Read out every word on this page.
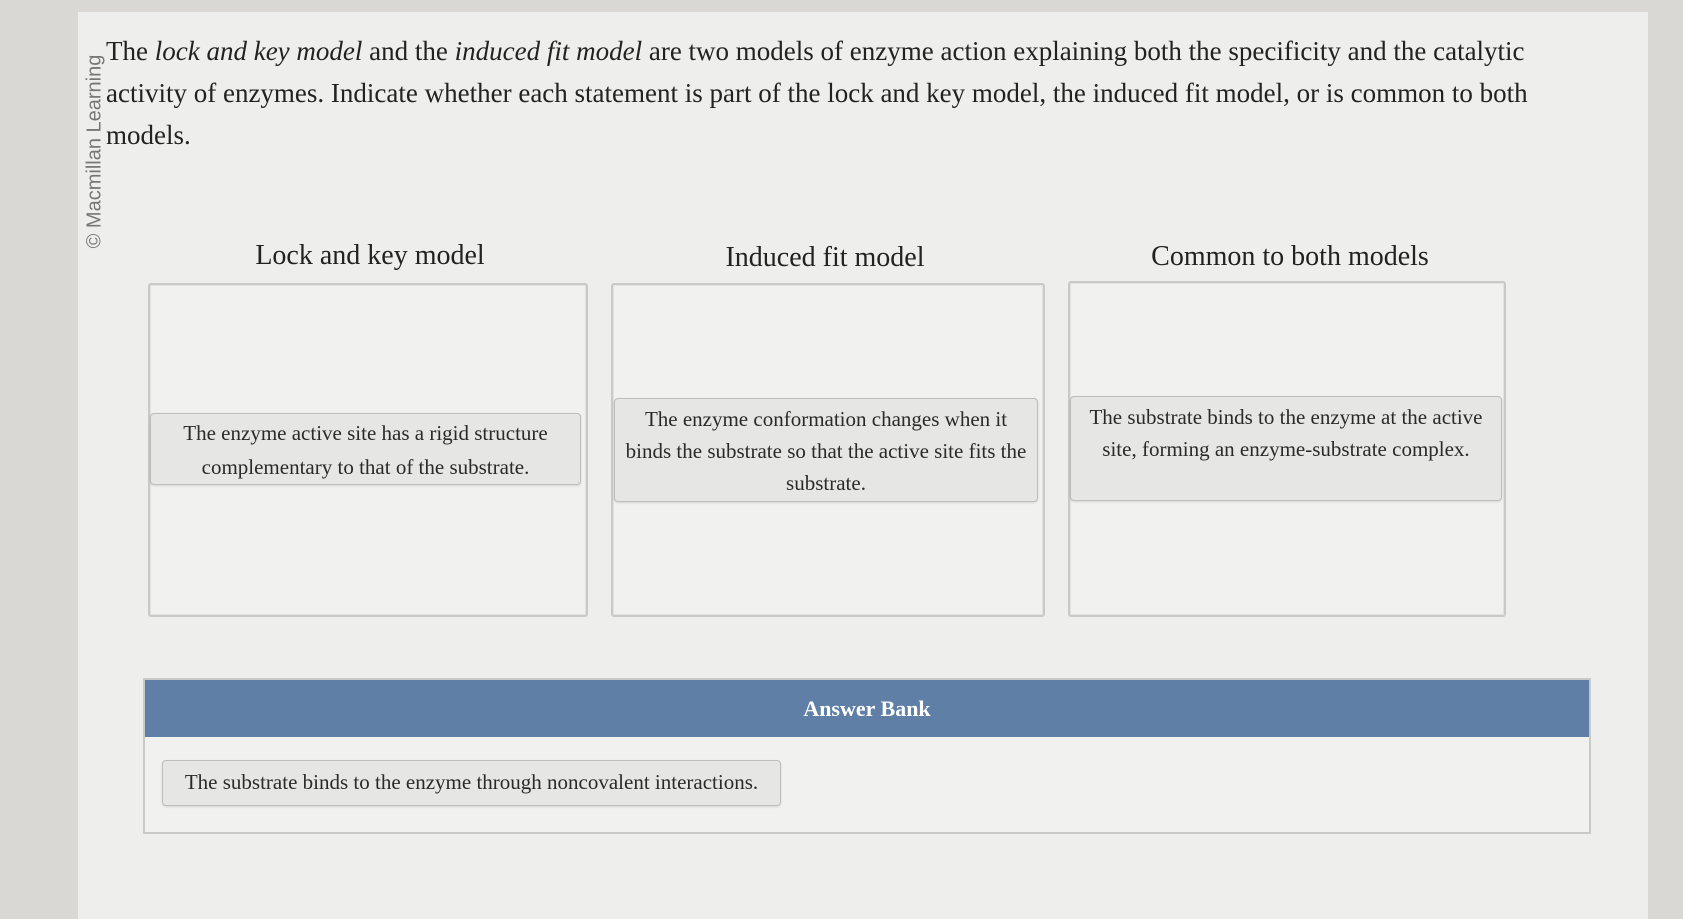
© Macmillan Learning
The lock and key model and the induced fit model are two models of enzyme action explaining both the specificity and the catalytic activity of enzymes. Indicate whether each statement is part of the lock and key model, the induced fit model, or is common to both models.
Lock and key model
The enzyme active site has a rigid structure complementary to that of the substrate.
Induced fit model
The enzyme conformation changes when it binds the substrate so that the active site fits the substrate.
Common to both models
The substrate binds to the enzyme at the active site, forming an enzyme-substrate complex.
Answer Bank
The substrate binds to the enzyme through noncovalent interactions.
